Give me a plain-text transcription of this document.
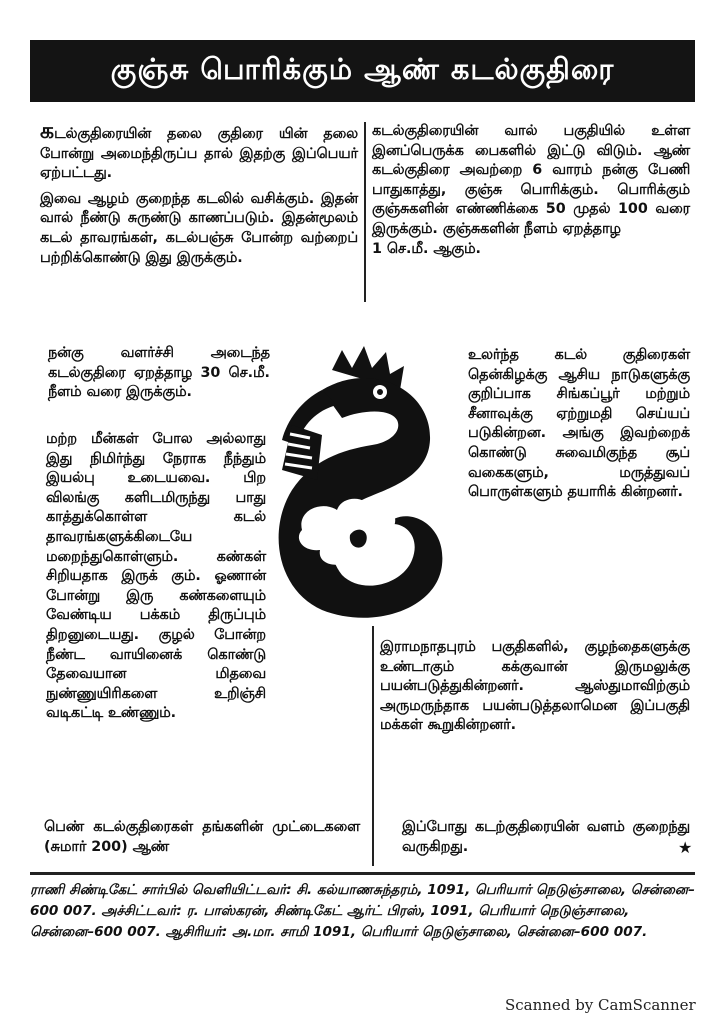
குஞ்சு பொரிக்கும் ஆண் கடல்குதிரை

கடல்குதிரையின் தலை குதிரை யின் தலை போன்று அமைந்திருப்ப தால் இதற்கு இப்பெயர் ஏற்பட்டது.

இவை ஆழம் குறைந்த கடலில் வசிக்கும். இதன் வால் நீண்டு சுருண்டு காணப்படும். இதன்மூலம் கடல் தாவரங்கள், கடல்பஞ்சு போன்ற வற்றைப் பற்றிக்கொண்டு இது இருக்கும்.

கடல்குதிரையின் வால் பகுதியில் உள்ள இனப்பெருக்க பைகளில் இட்டு விடும். ஆண் கடல்குதிரை அவற்றை 6 வாரம் நன்கு பேணி பாதுகாத்து, குஞ்சு பொரிக்கும். பொரிக்கும் குஞ்சுகளின் எண்ணிக்கை 50 முதல் 100 வரை இருக்கும். குஞ்சுகளின் நீளம் ஏறத்தாழ

1 செ.மீ. ஆகும்.

நன்கு வளர்ச்சி அடைந்த கடல்குதிரை ஏறத்தாழ 30 செ.மீ. நீளம் வரை இருக்கும்.

மற்ற மீன்கள் போல அல்லாது இது நிமிர்ந்து நேராக நீந்தும் இயல்பு உடையவை. பிற விலங்கு களிடமிருந்து பாது காத்துக்கொள்ள கடல் தாவரங்களுக்கிடையே மறைந்துகொள்ளும். கண்கள் சிறியதாக இருக் கும். ஓணான் போன்று இரு கண்களையும் வேண்டிய பக்கம் திருப்பும் திறனுடையது. குழல் போன்ற நீண்ட வாயினைக் கொண்டு தேவையான மிதவை நுண்ணுயிரிகளை உறிஞ்சி வடிகட்டி உண்ணும்.

உலர்ந்த கடல் குதிரைகள் தென்கிழக்கு ஆசிய நாடுகளுக்கு குறிப்பாக சிங்கப்பூர் மற்றும் சீனாவுக்கு ஏற்றுமதி செய்யப் படுகின்றன. அங்கு இவற்றைக் கொண்டு சுவைமிகுந்த சூப் வகைகளும், மருத்துவப் பொருள்களும் தயாரிக் கின்றனர்.

இராமநாதபுரம் பகுதிகளில், குழந்தைகளுக்கு உண்டாகும் கக்குவான் இருமலுக்கு பயன்படுத்துகின்றனர். ஆஸ்துமாவிற்கும் அருமருந்தாக பயன்படுத்தலாமென இப்பகுதி மக்கள் கூறுகின்றனர்.

பெண் கடல்குதிரைகள் தங்களின் முட்டைகளை (சுமார் 200) ஆண்

இப்போது கடற்குதிரையின் வளம் குறைந்து வருகிறது.	★
ராணி சிண்டிகேட் சார்பில் வெளியிட்டவர்: சி. கல்யாணசுந்தரம், 1091, பெரியார் நெடுஞ்சாலை, சென்னை–600 007. அச்சிட்டவர்: ர. பாஸ்கரன், சிண்டிகேட் ஆர்ட் பிரஸ், 1091, பெரியார் நெடுஞ்சாலை, சென்னை–600 007. ஆசிரியர்: அ.மா. சாமி 1091, பெரியார் நெடுஞ்சாலை, சென்னை–600 007.
Scanned by CamScanner
